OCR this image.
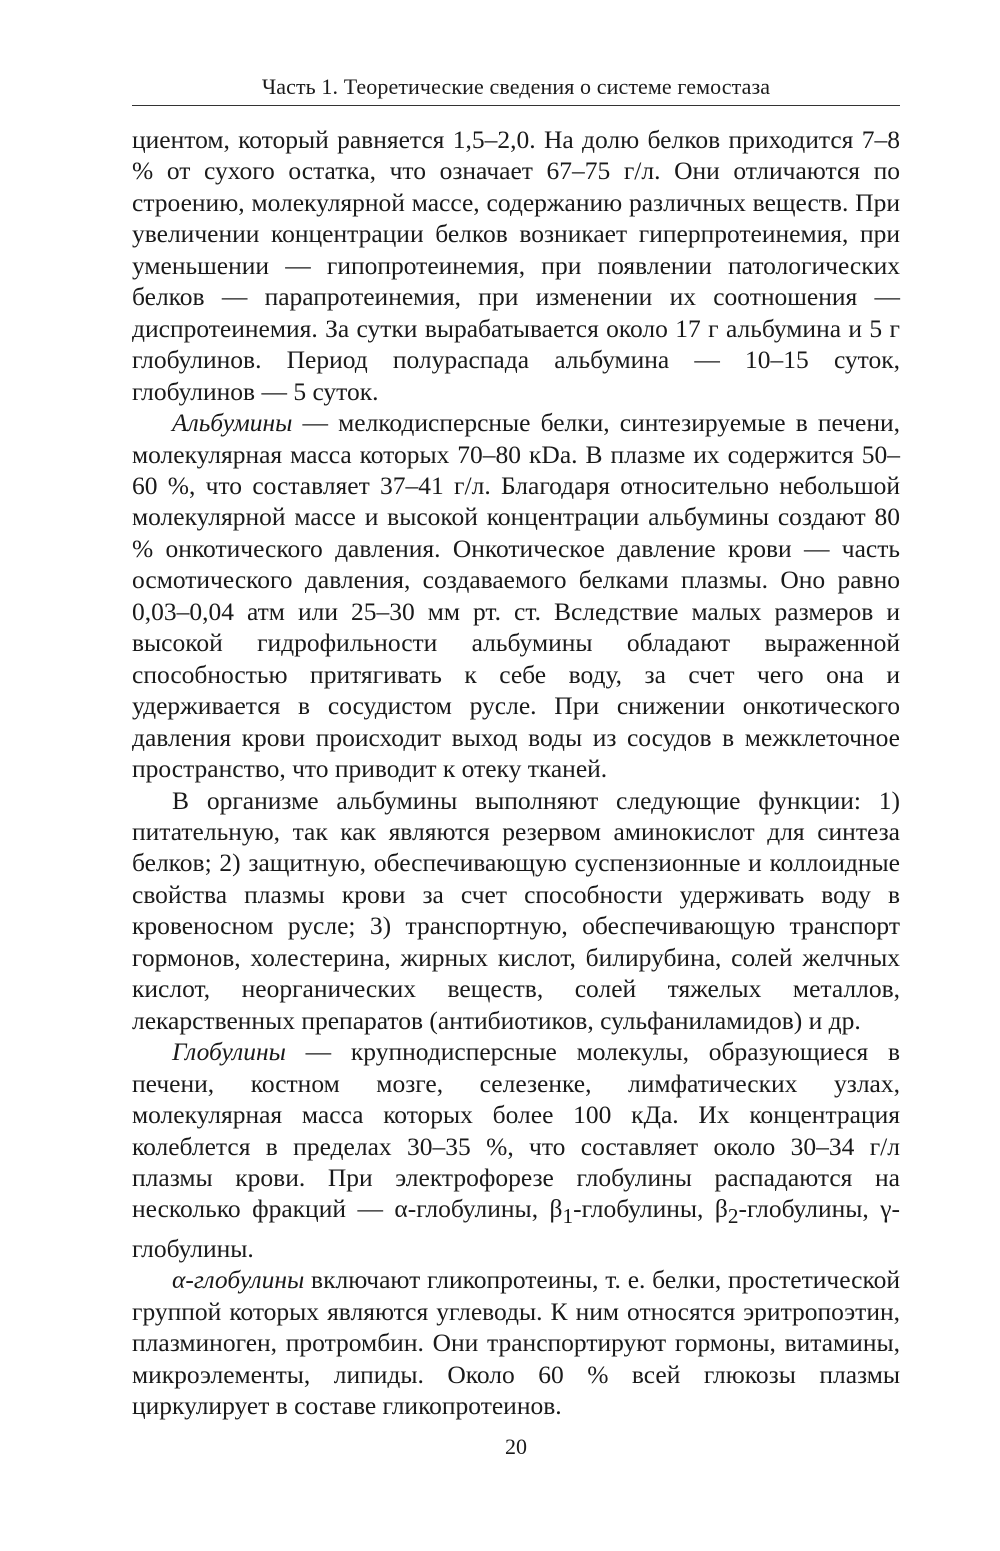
Часть 1. Теоретические сведения о системе гемостаза

циентом, который равняется 1,5–2,0. На долю белков приходится 7–8 % от сухого остатка, что означает 67–75 г/л. Они отличаются по строению, молекулярной массе, содержанию различных веществ. При увеличении концентрации белков возникает гиперпротеинемия, при уменьшении — гипопротеинемия, при появлении патологических белков — парапротеинемия, при изменении их соотношения — диспротеинемия. За сутки вырабатывается около 17 г альбумина и 5 г глобулинов. Период полураспада альбумина — 10–15 суток, глобулинов — 5 суток.

Альбумины — мелкодисперсные белки, синтезируемые в печени, молекулярная масса которых 70–80 кDa. В плазме их содержится 50–60 %, что составляет 37–41 г/л. Благодаря относительно небольшой молекулярной массе и высокой концентрации альбумины создают 80 % онкотического давления. Онкотическое давление крови — часть осмотического давления, создаваемого белками плазмы. Оно равно 0,03–0,04 атм или 25–30 мм рт. ст. Вследствие малых размеров и высокой гидрофильности альбумины обладают выраженной способностью притягивать к себе воду, за счет чего она и удерживается в сосудистом русле. При снижении онкотического давления крови происходит выход воды из сосудов в межклеточное пространство, что приводит к отеку тканей.

В организме альбумины выполняют следующие функции: 1) питательную, так как являются резервом аминокислот для синтеза белков; 2) защитную, обеспечивающую суспензионные и коллоидные свойства плазмы крови за счет способности удерживать воду в кровеносном русле; 3) транспортную, обеспечивающую транспорт гормонов, холестерина, жирных кислот, билирубина, солей желчных кислот, неорганических веществ, солей тяжелых металлов, лекарственных препаратов (антибиотиков, сульфаниламидов) и др.

Глобулины — крупнодисперсные молекулы, образующиеся в печени, костном мозге, селезенке, лимфатических узлах, молекулярная масса которых более 100 кДа. Их концентрация колеблется в пределах 30–35 %, что составляет около 30–34 г/л плазмы крови. При электрофорезе глобулины распадаются на несколько фракций — α-глобулины, $\beta_1$-глобулины, $\beta_2$-глобулины, γ-глобулины.

α-глобулины включают гликопротеины, т. е. белки, простетической группой которых являются углеводы. К ним относятся эритропоэтин, плазминоген, протромбин. Они транспортируют гормоны, витамины, микроэлементы, липиды. Около 60 % всей глюкозы плазмы циркулирует в составе гликопротеинов.

20
